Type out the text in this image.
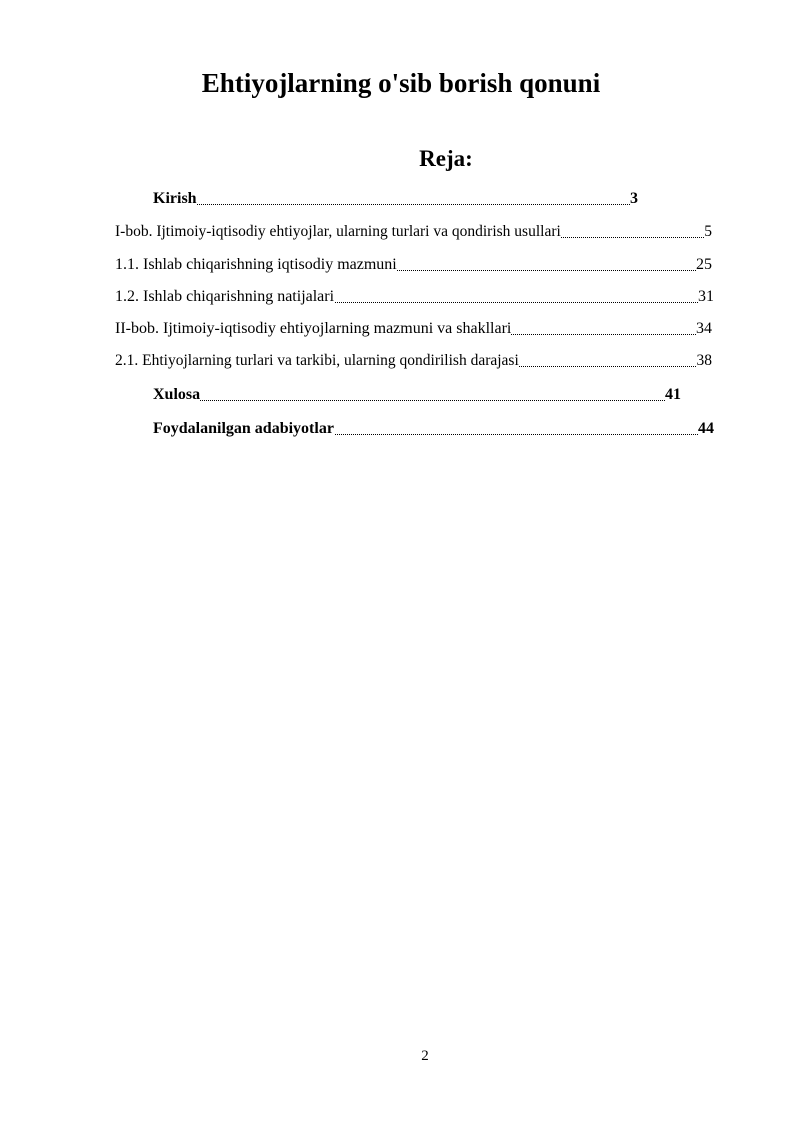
Ehtiyojlarning o'sib borish qonuni
Reja:
Kirish	3
I-bob. Ijtimoiy-iqtisodiy ehtiyojlar, ularning turlari va qondirish usullari	5
1.1. Ishlab chiqarishning iqtisodiy mazmuni	25
1.2. Ishlab chiqarishning natijalari	31
II-bob. Ijtimoiy-iqtisodiy ehtiyojlarning mazmuni va shakllari	34
2.1. Ehtiyojlarning turlari va tarkibi, ularning qondirilish darajasi	38
Xulosa	41
Foydalanilgan adabiyotlar	44
2
